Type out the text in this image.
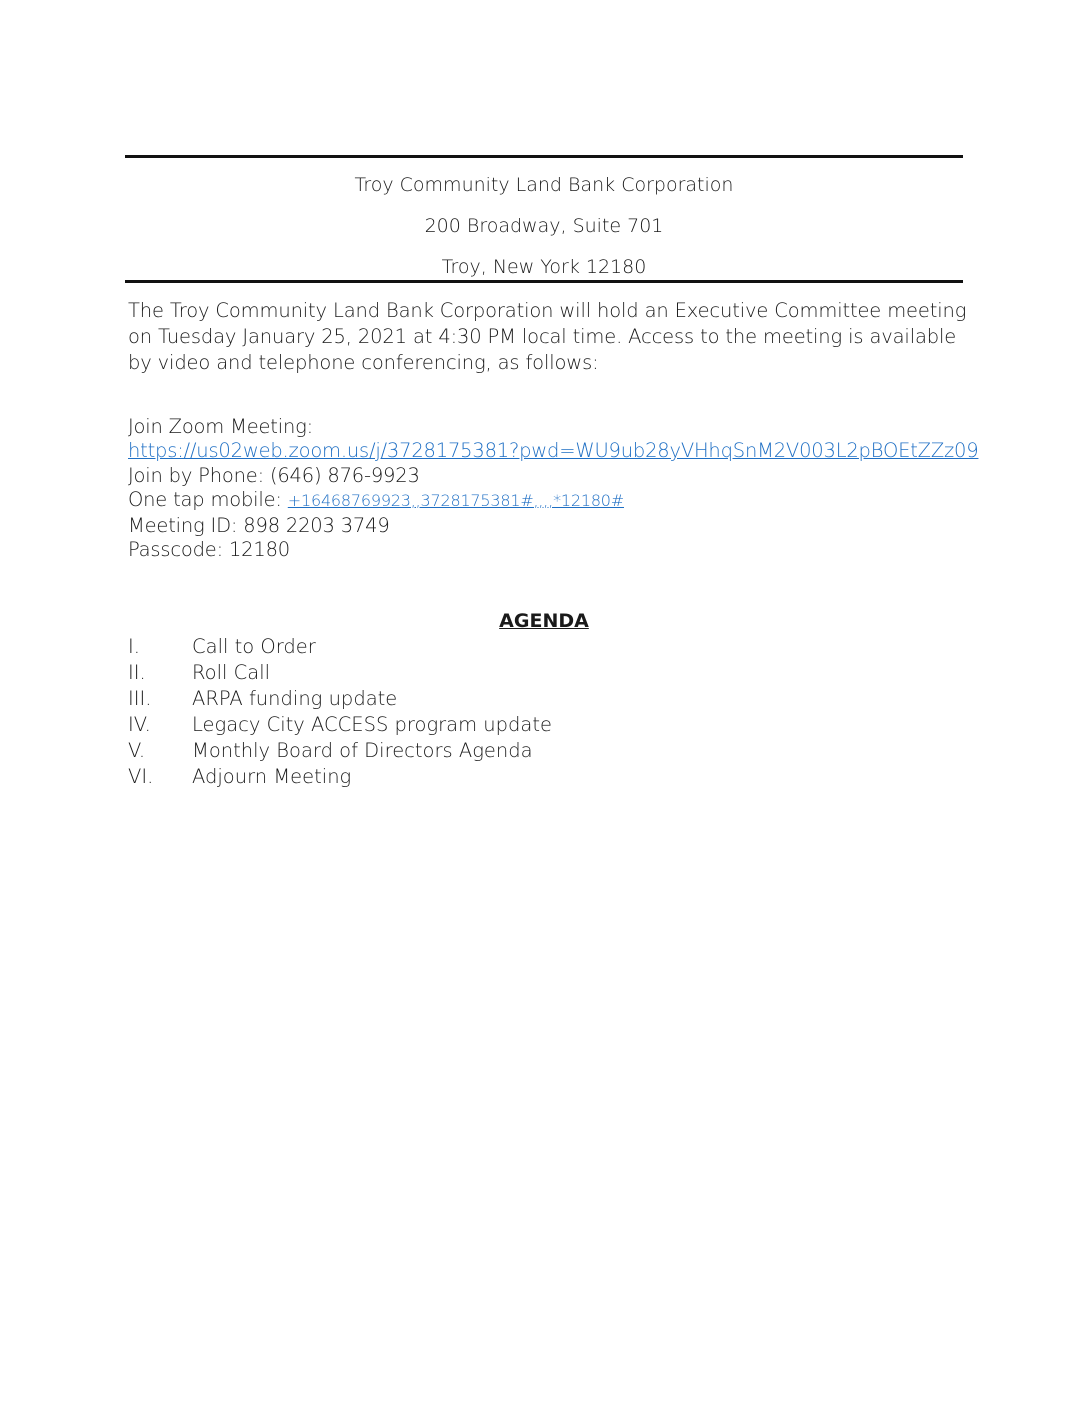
Troy Community Land Bank Corporation
200 Broadway, Suite 701
Troy, New York 12180
The Troy Community Land Bank Corporation will hold an Executive Committee meeting on Tuesday January 25, 2021 at 4:30 PM local time. Access to the meeting is available by video and telephone conferencing, as follows:
Join Zoom Meeting:
https://us02web.zoom.us/j/3728175381?pwd=WU9ub28yVHhqSnM2V003L2pBOEtZZz09
Join by Phone: (646) 876-9923
One tap mobile: +16468769923,,3728175381#,,,,*12180#
Meeting ID: 898 2203 3749
Passcode: 12180
AGENDA
I.	Call to Order
II.	Roll Call
III.	ARPA funding update
IV.	Legacy City ACCESS program update
V.	Monthly Board of Directors Agenda
VI.	Adjourn Meeting
